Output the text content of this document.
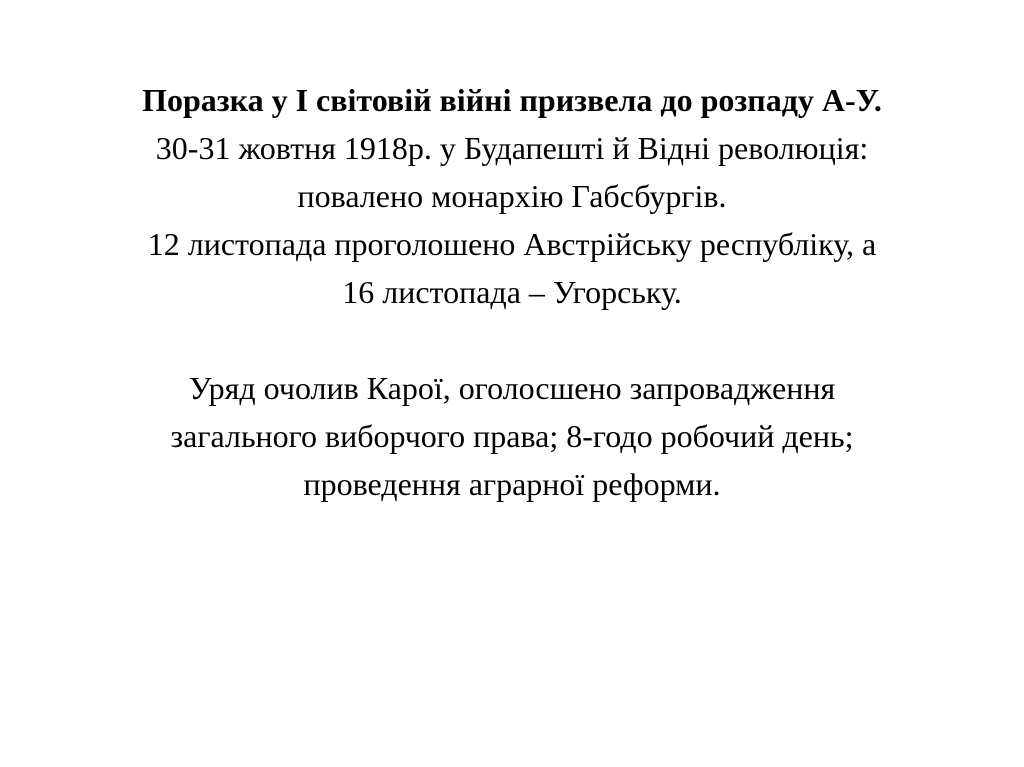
Поразка у І світовій війні призвела до розпаду А-У.
30-31 жовтня 1918р. у Будапешті й Відні революція:
повалено монархію Габсбургів.
12 листопада проголошено Австрійську республіку, а
16 листопада – Угорську.
Уряд очолив Карої, оголосшено запровадження
загального виборчого права; 8-годо робочий день;
проведення аграрної реформи.
